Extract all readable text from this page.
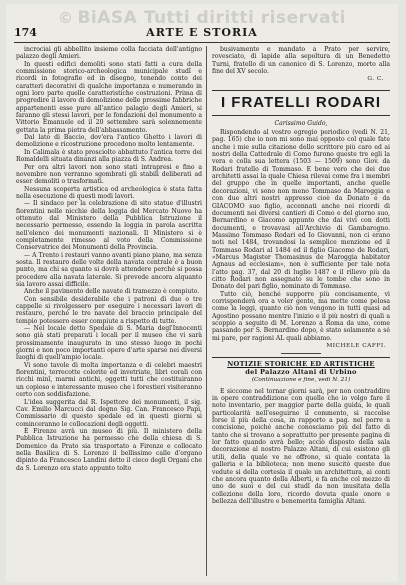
© BiASA Tutti diritti riservati
ARTE E STORIA
174

incrociai gli abbellito insieme colla facciata dell'antigno palazzo degli Amieri.

In questi edifici demoliti sono stati fatti a cura della commissione storico-archeologica municipale studî e ricordi in fotografie ed in disegno, tenendo conto dei caratteri decorativi di qualche importanza e numerando in ogni loro parte quelle caratteristiche costruzioni. Prima di progredire il lavoro di demolizione delle prossime fabbriche appartenenti esse pure all'antico palagio degli Amieri, si faranno gli stessi lavori, per le fondazioni del monumento a Vittorio Emanuele ed il 20 settembre sarà solennemente gettata la prima pietra dell'abbassamento.

Dal lato di Baccio, dov'era l'antico Ghetto i lavori di demolizione e ricostruzione procedono molto lentamente.

In Calimala è stato prosciolto abbattuto l'antica torre dei Romaldelli situata dinanzi alla piazza di S. Andrea.

Per ora altri lavori non sono stati intrapresi e fino a novembre non verranno sgombrati gli stabili deliberati ad esser demoliti o trasformati.

Nessuna scoperta artistica od archeologica è stata fatta nella esecuzione di questi modi lavori.

— Il sindaco per la celebrazione di sito statue d'illustri fiorentini nelle nicchie della loggia del Mercato Nuovo ha ottenuto dal Ministero della Pubblica Istruzione il necessario permesso, essendo la loggia in parola ascritta nell'elenco dei monumenti nazionali. Il Ministero si è completamente rimesso al voto della Commissione Conservatrice dei Monumenti della Provincia.

— A Trento i restauri vanno avanti piano piano, ma senza sosta. Il restauro delle volte della navata centrale è a buon punto, ma chi sa quanto si dovrà attendere perché si possa procedere alla navata laterale. Si prevede ancora alquanto sia lavoro assai difficile.

Anche il pavimento delle navate di tramezzo è compiuto.

Con sensibile desiderabile che i patroni di due o tre cappelle si rivolgessero per eseguire i necessari lavori di restauro, perché le tre navate del braccio principale del tempio potessero esser compiute a rispetto di tutte.

— Nel locale detto Spedale di S. Maria degl'Innocenti sono già stati preparati i locali per il museo che vi sarà prossimamente inaugurato in uno stesso luogo in pochi giorni e non poco importanti opere d'arte sparse nei diversi luoghi di quell'ampio locale.

Vi sono tavole di molta importanza e di celebri maestri fiorentini, terrecotte colorite ed invetriate, libri corali con ricchi minî, marmi antichi, oggetti tutti che costituiranno un copioso e interessante museo che i forestieri visiteranno certo con soddisfazione.

L'idea suggerita dal R. Ispettore dei monumenti, il sig. Cav. Emilio Marcucci dal degno Sig. Can. Francesco Papi, Commissario di questo spedale ed in questi giorni si cominceranno le collocazioni degli oggetti.

È Firenze avrà un museo di più. Il ministero della Pubblica Istruzione ha permesso che della chiesa di S. Domenico da Prato sia trasportato a Firenze e collocato nella Basilica di S. Lorenzo il bellissimo calle d'organo dipinto da Francesco Landini detto il cieco degli Organi che da S. Lorenzo era stato appunto tolto

busivamente e mandato a Prato per servire, rovesciato, di lapide alla sepoltura di un Benedetto Turni, fratello di un canonico di S. Lorenzo, morto alla fine del XV secolo.

G. C.
I FRATELLI RODARI
Carissimo Guido,

Rispondendo al vostro egregio periodico (vedi N. 21, pag. 165) che io non mi sono mai opposto col quale fate anche i mie sulla citazione dello scrittore più caro ed ai nostri della Cattedrale di Como furono queste tre egli la vera e colla sua lettera (1503 — 1509) sono Giov. da Rodari fratello di Tommaso. E bene vero che dei due architetti assai la quale Chiesa rilevai come fra i membri del gruppo che in quelle importanti, anche quelle decorazioni, vi sono non meno Tommaso da Maroggia e con due altri nostri appresso cioè da Donato e da GIACOMO suo figlio, accennati anche nei ricordi di documenti nei diversi cantieri di Como e del giorno suo, Bernardino e Giacomo appunto che dai vivi con dotti documenti, e trovavasi all'Archivio di Gambarogno. Massimo Tommaso Rodari ed Io Giovanni, non ci erano noti nel 1484, trovandosi la semplice menzione ed il Tommaso Rodari al 1484 ed il figlio Giacomo de Rodari, «Marcus Magister Thomasinus de Maroggia habitator Agnaus ad ecclesiam», non è sufficiente per tale nota l'atto pag. 37, dal 20 di luglio 1487 e il rilievo più da citto Rodari non assegnato su le tombe che sono in Donato del pari figlio, nominato di Tommaso.

Tutto ciò, benché supporre più concisamente, vi corrisponderà ora a voler gente, ma mette come pelosa come la leggi, quanto ciò non vengono in tutti quasi ad Agostino possano mentre l'inizio e il più nostri di quali a scoppio a seguito di M. Lorenzo a Roma da uno, come passando per S. Bernardino dopo, è stato solamente a sé mi pare, per ragioni AL quali abbiamo.

MICHELE CAFFI.
NOTIZIE STORICHE ED ARTISTICHE
del Palazzo Altani di Urbino
(Continuazione e fine, vedi N. 21)

E siccome nel tornar giorni sarà, per non contraddire in opere contraddizione con quelle che io volgo fare il noto inventario, per maggior parte della guida, le quali particolarità nell'eseguirne il commento, si raccolse forse il più della cosa, in rapporto a pag. nel porre a concisione, poiché anche conosciamo più del fatto di tanto che si trovano a soprattutto per presente pagina di lor fatto quando avrà bello; acciò disposto della sala decorazione al nostro Palazzo Altani, di cui esistono gli utili, della quale ve ne offrono, si quale contata la galleria e la biblioteca; non meno suscitò queste due vedute si della cortesia il quale un architettura, ai conti che ancora quanto della Alberti, e fa anche col mezzo di uno de suoi e del cui studî da non inusitata della collezione della loro, ricordo dovuta quale onore e bellezza dell'illustre e benemerita famiglia Altani.
